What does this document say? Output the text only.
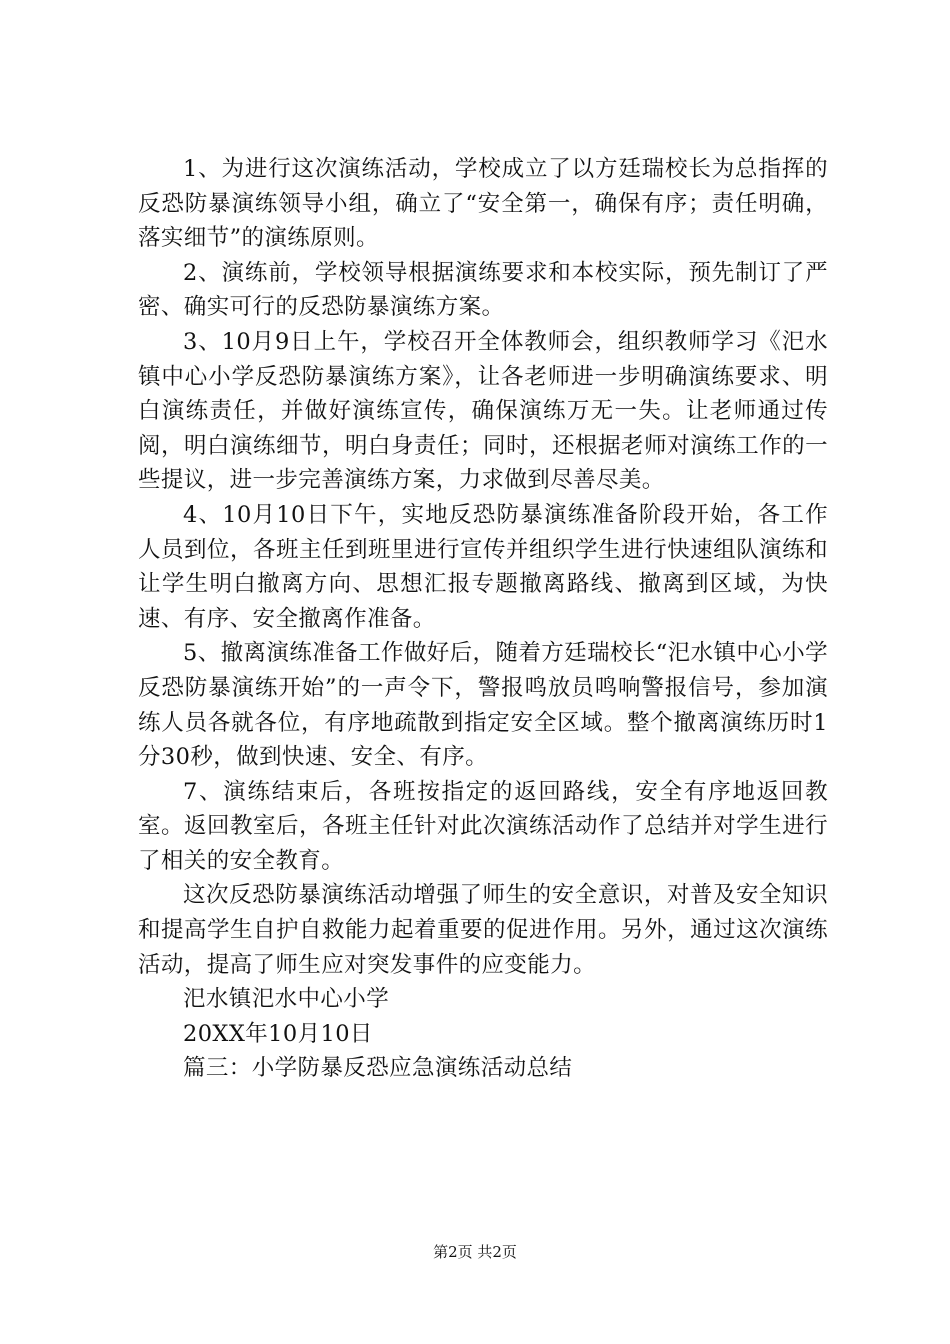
1、为进行这次演练活动，学校成立了以方廷瑞校长为总指挥的反恐防暴演练领导小组，确立了“安全第一，确保有序；责任明确，落实细节”的演练原则。

2、演练前，学校领导根据演练要求和本校实际，预先制订了严密、确实可行的反恐防暴演练方案。

3、10月9日上午，学校召开全体教师会，组织教师学习《汜水镇中心小学反恐防暴演练方案》，让各老师进一步明确演练要求、明白演练责任，并做好演练宣传，确保演练万无一失。让老师通过传阅，明白演练细节，明白身责任；同时，还根据老师对演练工作的一些提议，进一步完善演练方案，力求做到尽善尽美。

4、10月10日下午，实地反恐防暴演练准备阶段开始，各工作人员到位，各班主任到班里进行宣传并组织学生进行快速组队演练和让学生明白撤离方向、思想汇报专题撤离路线、撤离到区域，为快速、有序、安全撤离作准备。

5、撤离演练准备工作做好后，随着方廷瑞校长“汜水镇中心小学反恐防暴演练开始”的一声令下，警报鸣放员鸣响警报信号，参加演练人员各就各位，有序地疏散到指定安全区域。整个撤离演练历时1分30秒，做到快速、安全、有序。

7、演练结束后，各班按指定的返回路线，安全有序地返回教室。返回教室后，各班主任针对此次演练活动作了总结并对学生进行了相关的安全教育。

这次反恐防暴演练活动增强了师生的安全意识，对普及安全知识和提高学生自护自救能力起着重要的促进作用。另外，通过这次演练活动，提高了师生应对突发事件的应变能力。

汜水镇汜水中心小学

20XX年10月10日

篇三：小学防暴反恐应急演练活动总结

第2页 共2页
